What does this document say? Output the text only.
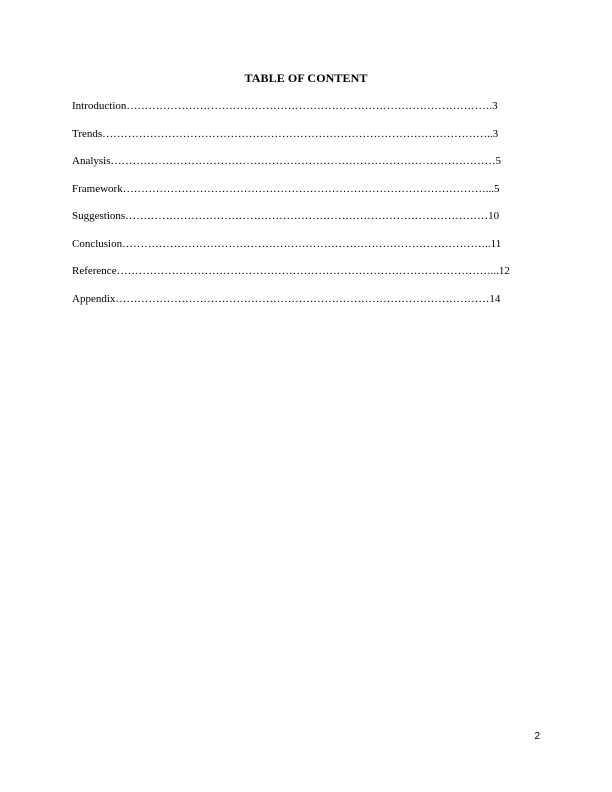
TABLE OF CONTENT
Introduction……………………………………………………………………………………….3
Trends……………………………………………………………………………………………..3
Analysis……………………………………………………………………………………………5
Framework………………………………………………………………………………………...5
Suggestions………………………………………………………………………………………10
Conclusion………………………………………………………………………………………..11
Reference…………………………………………………………………………………………...12
Appendix…………………………………………………………………………………………14
2
